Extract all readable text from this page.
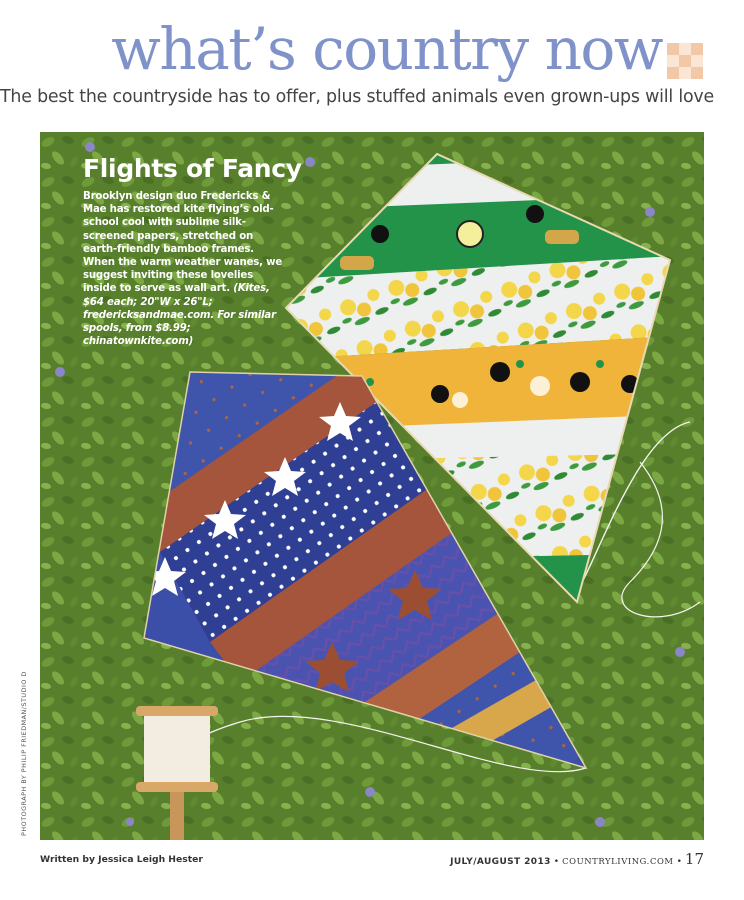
what’s country now
The best the countryside has to offer, plus stuffed animals even grown-ups will love
Flights of Fancy
Brooklyn design duo Fredericks & Mae has restored kite flying’s old-school cool with sublime silk-screened papers, stretched on earth-friendly bamboo frames. When the warm weather wanes, we suggest inviting these lovelies inside to serve as wall art. (Kites, $64 each; 20"W x 26"L; fredericksandmae.com. For similar spools, from $8.99; chinatownkite.com)
PHOTOGRAPH BY PHILIP FRIEDMAN/STUDIO D
Written by Jessica Leigh Hester	JULY/AUGUST 2013 • COUNTRYLIVING.COM • 17
